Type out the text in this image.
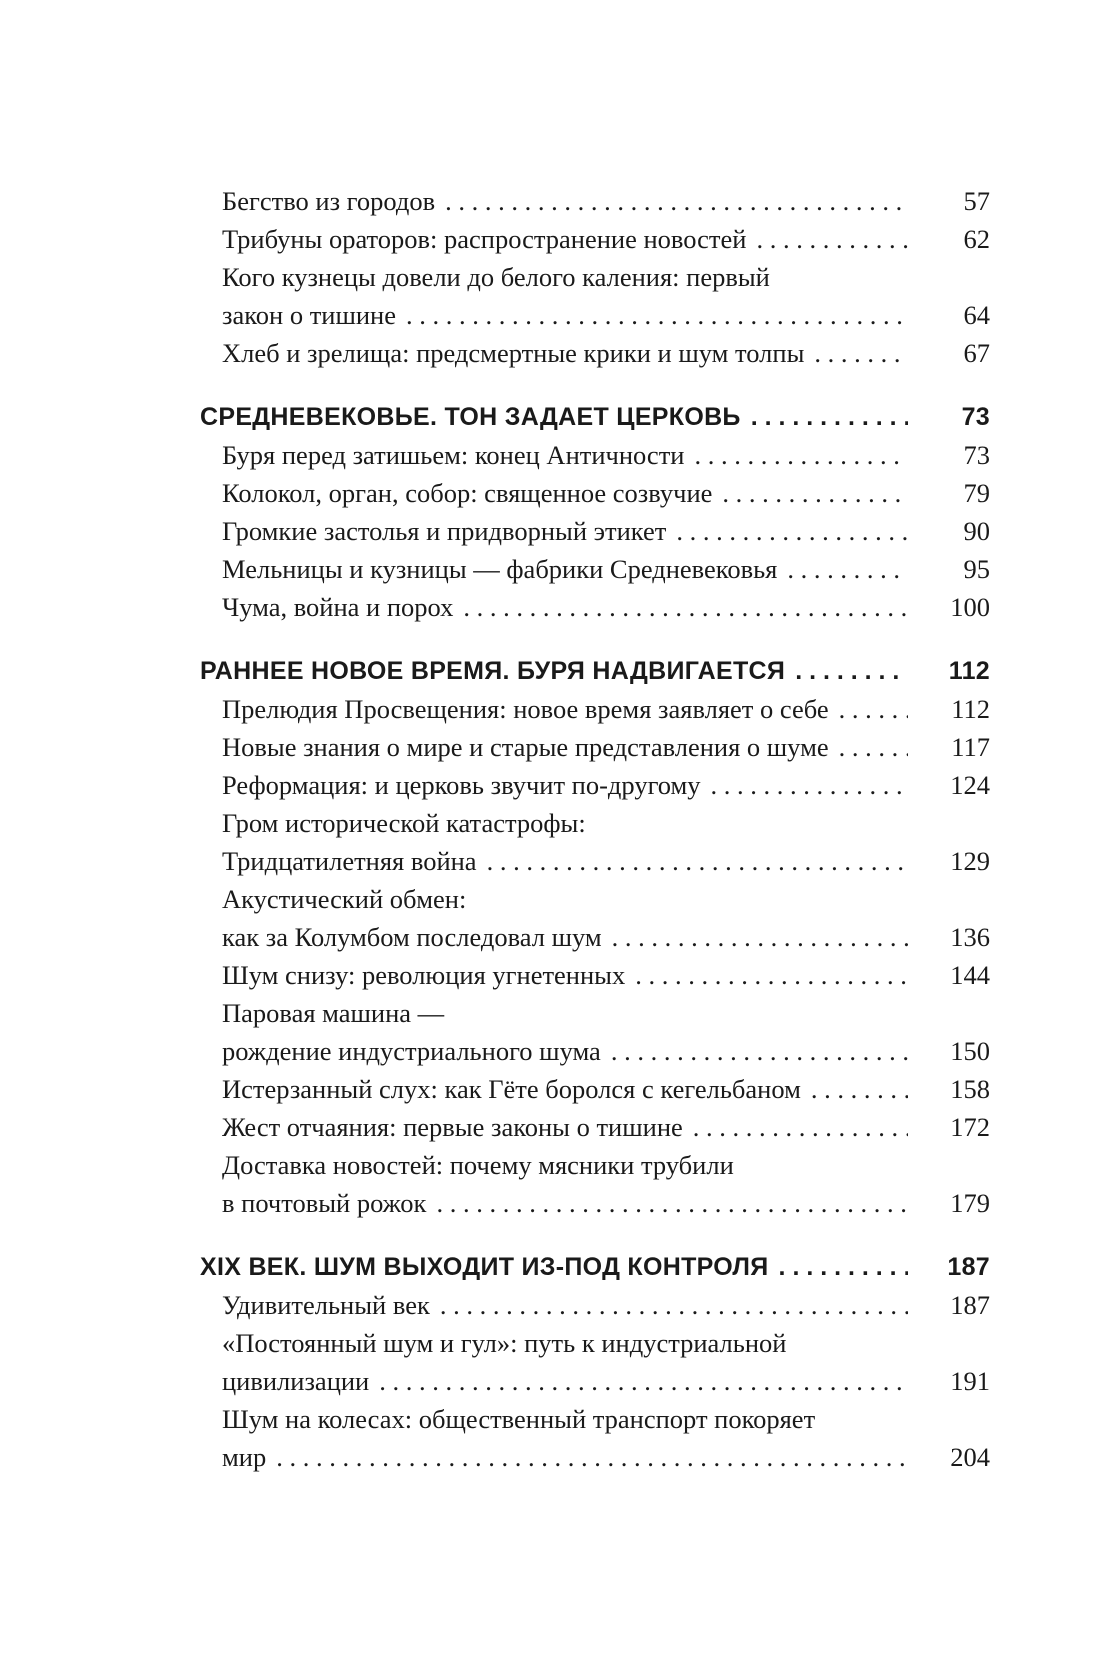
Бегство из городов . . .	57
Трибуны ораторов: распространение новостей . . .	62
Кого кузнецы довели до белого каления: первый
закон о тишине . . .	64
Хлеб и зрелища: предсмертные крики и шум толпы . . .	67
СРЕДНЕВЕКОВЬЕ. ТОН ЗАДАЕТ ЦЕРКОВЬ . . .	73
Буря перед затишьем: конец Античности . . .	73
Колокол, орган, собор: священное созвучие . . .	79
Громкие застолья и придворный этикет . . .	90
Мельницы и кузницы — фабрики Средневековья . . .	95
Чума, война и порох . . .	100
РАННЕЕ НОВОЕ ВРЕМЯ. БУРЯ НАДВИГАЕТСЯ . . .	112
Прелюдия Просвещения: новое время заявляет о себе . . .	112
Новые знания о мире и старые представления о шуме . . .	117
Реформация: и церковь звучит по-другому . . .	124
Гром исторической катастрофы:
Тридцатилетняя война . . .	129
Акустический обмен:
как за Колумбом последовал шум . . .	136
Шум снизу: революция угнетенных . . .	144
Паровая машина —
рождение индустриального шума . . .	150
Истерзанный слух: как Гёте боролся с кегельбаном . . .	158
Жест отчаяния: первые законы о тишине . . .	172
Доставка новостей: почему мясники трубили
в почтовый рожок . . .	179
XIX ВЕК. ШУМ ВЫХОДИТ ИЗ-ПОД КОНТРОЛЯ . . .	187
Удивительный век . . .	187
«Постоянный шум и гул»: путь к индустриальной
цивилизации . . .	191
Шум на колесах: общественный транспорт покоряет
мир . . .	204
